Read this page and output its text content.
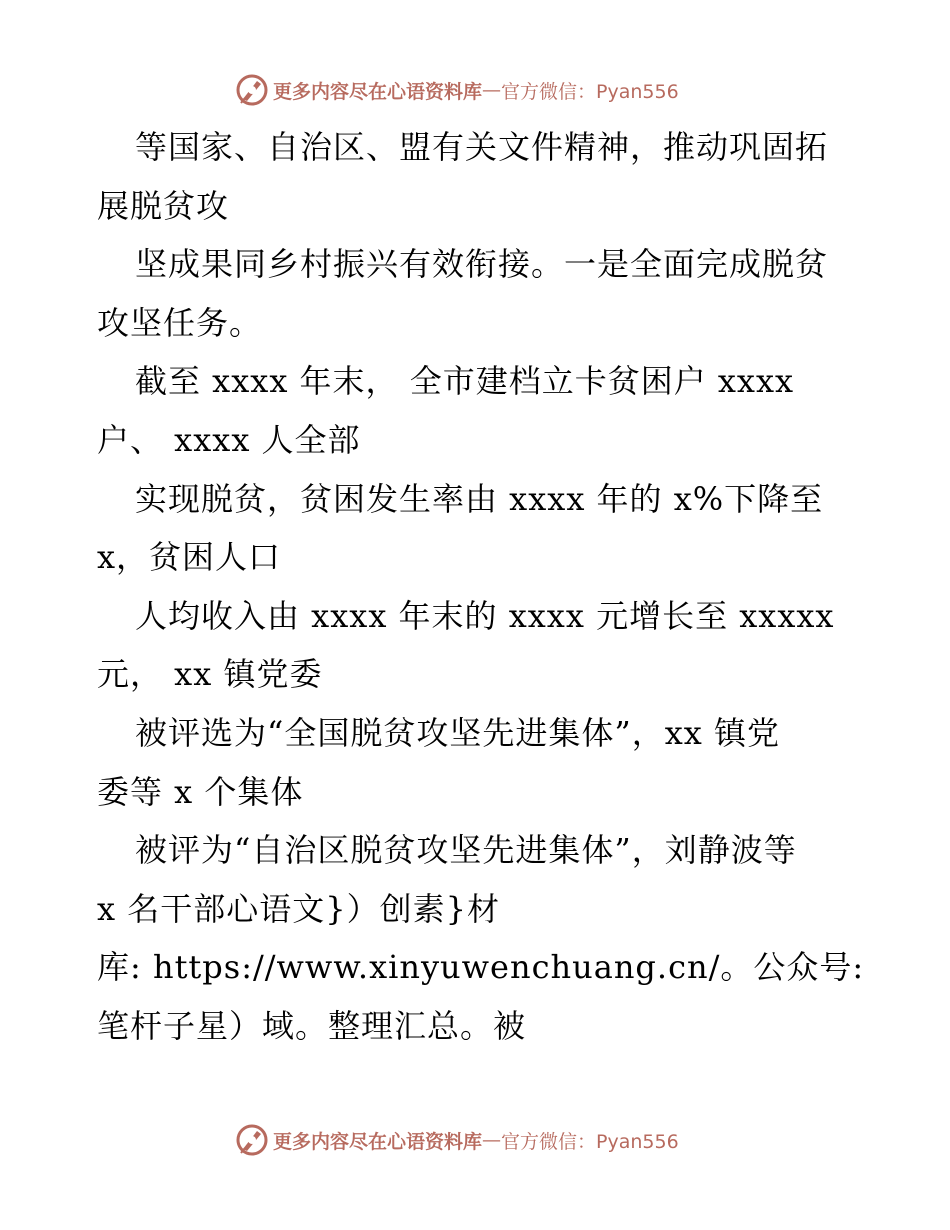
更多内容尽在心语资料库 — 官方微信：Pyan556
等国家、自治区、盟有关文件精神，推动巩固拓
展脱贫攻
坚成果同乡村振兴有效衔接。一是全面完成脱贫
攻坚任务。
截至 xxxx 年末， 全市建档立卡贫困户 xxxx
户、 xxxx 人全部
实现脱贫，贫困发生率由 xxxx 年的 x%下降至
x，贫困人口
人均收入由 xxxx 年末的 xxxx 元增长至 xxxxx
元， xx 镇党委
被评选为“全国脱贫攻坚先进集体”，xx 镇党
委等 x 个集体
被评为“自治区脱贫攻坚先进集体”，刘静波等
x 名干部心语文}）创素}材
库: https://www.xinyuwenchuang.cn/。公众号:
笔杆子星）域。整理汇总。被
更多内容尽在心语资料库 — 官方微信：Pyan556
